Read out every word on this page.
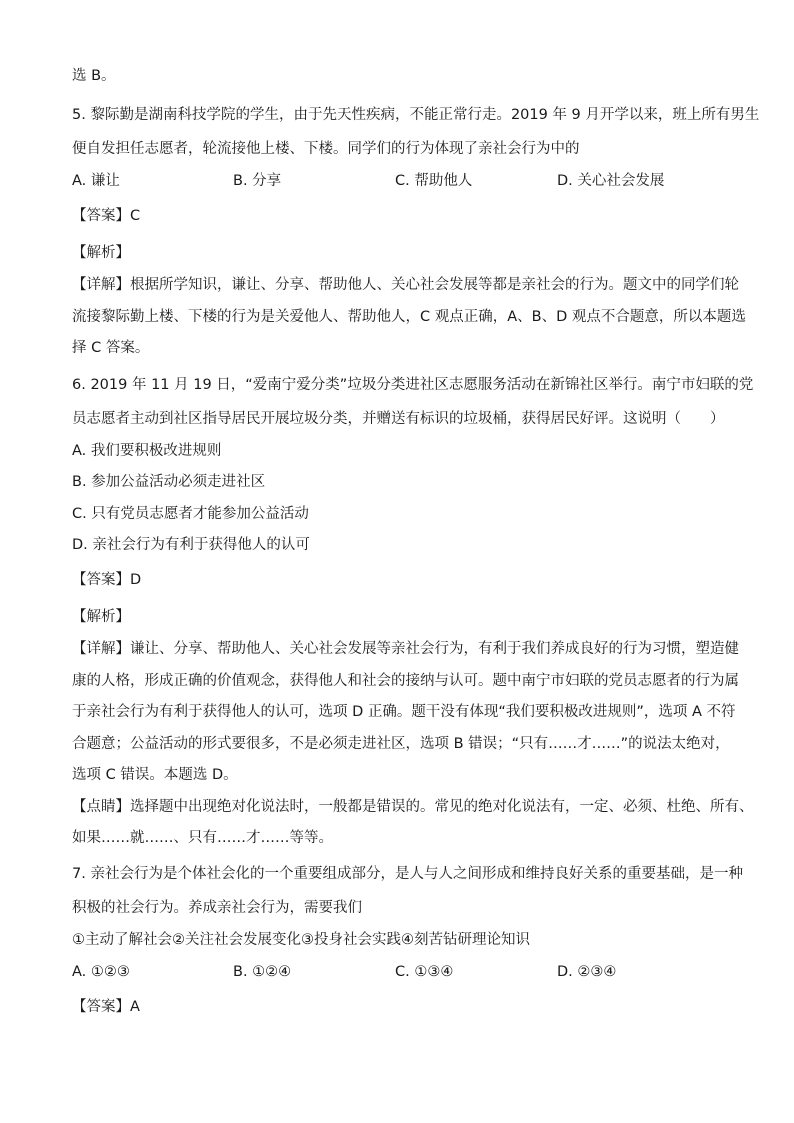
选 B。
5. 黎际勤是湖南科技学院的学生，由于先天性疾病，不能正常行走。2019 年 9 月开学以来，班上所有男生
便自发担任志愿者，轮流接他上楼、下楼。同学们的行为体现了亲社会行为中的
A. 谦让	B. 分享	C. 帮助他人	D. 关心社会发展
【答案】C
【解析】
【详解】根据所学知识，谦让、分享、帮助他人、关心社会发展等都是亲社会的行为。题文中的同学们轮
流接黎际勤上楼、下楼的行为是关爱他人、帮助他人，C 观点正确，A、B、D 观点不合题意，所以本题选
择 C 答案。
6. 2019 年 11 月 19 日，“爱南宁爱分类”垃圾分类进社区志愿服务活动在新锦社区举行。南宁市妇联的党
员志愿者主动到社区指导居民开展垃圾分类，并赠送有标识的垃圾桶，获得居民好评。这说明（　　）
A. 我们要积极改进规则
B. 参加公益活动必须走进社区
C. 只有党员志愿者才能参加公益活动
D. 亲社会行为有利于获得他人的认可
【答案】D
【解析】
【详解】谦让、分享、帮助他人、关心社会发展等亲社会行为，有利于我们养成良好的行为习惯，塑造健
康的人格，形成正确的价值观念，获得他人和社会的接纳与认可。题中南宁市妇联的党员志愿者的行为属
于亲社会行为有利于获得他人的认可，选项 D 正确。题干没有体现“我们要积极改进规则”，选项 A 不符
合题意；公益活动的形式要很多，不是必须走进社区，选项 B 错误；“只有……才……”的说法太绝对，
选项 C 错误。本题选 D。
【点睛】选择题中出现绝对化说法时，一般都是错误的。常见的绝对化说法有，一定、必须、杜绝、所有、
如果……就……、只有……才……等等。
7. 亲社会行为是个体社会化的一个重要组成部分，是人与人之间形成和维持良好关系的重要基础，是一种
积极的社会行为。养成亲社会行为，需要我们
①主动了解社会②关注社会发展变化③投身社会实践④刻苦钻研理论知识
A. ①②③	B. ①②④	C. ①③④	D. ②③④
【答案】A
